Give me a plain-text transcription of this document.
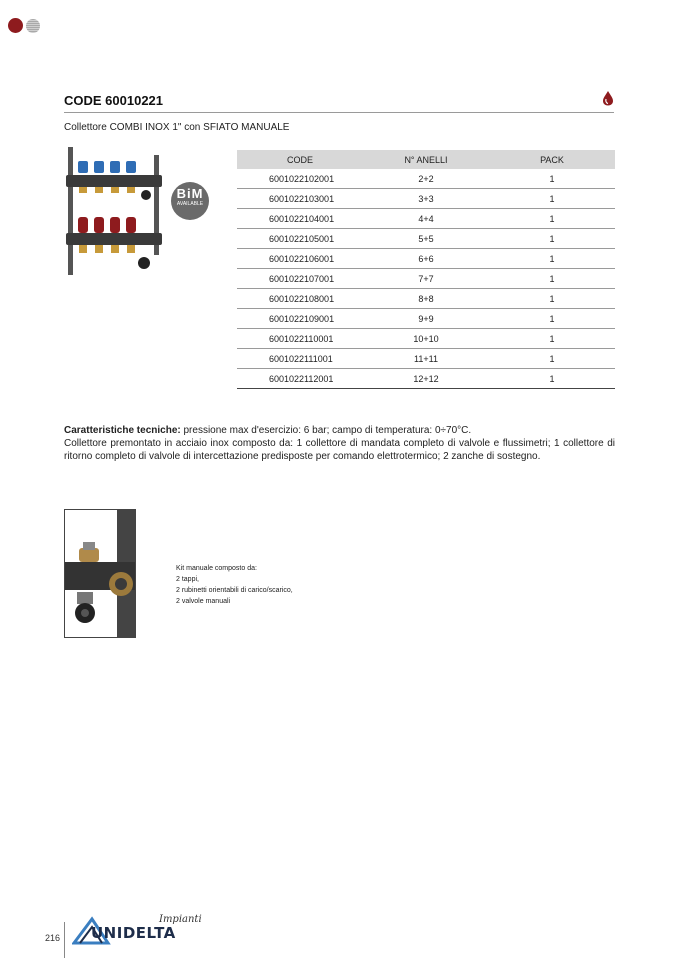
CODE 60010221
Collettore COMBI INOX 1" con SFIATO MANUALE
BiM
AVAILABLE
CODE	N° ANELLI	PACK
6001022102001	2+2	1
6001022103001	3+3	1
6001022104001	4+4	1
6001022105001	5+5	1
6001022106001	6+6	1
6001022107001	7+7	1
6001022108001	8+8	1
6001022109001	9+9	1
6001022110001	10+10	1
6001022111001	11+11	1
6001022112001	12+12	1

Caratteristiche tecniche: pressione max d'esercizio: 6 bar; campo di temperatura: 0÷70°C.

Collettore premontato in acciaio inox composto da: 1 collettore di mandata completo di valvole e flussimetri; 1 collettore di ritorno completo di valvole di intercettazione predisposte per comando elettrotermico; 2 zanche di sostegno.

Kit manuale composto da:
2 tappi,
2 rubinetti orientabili di carico/scarico,
2 valvole manuali
216
Impianti
UNIDELTA
